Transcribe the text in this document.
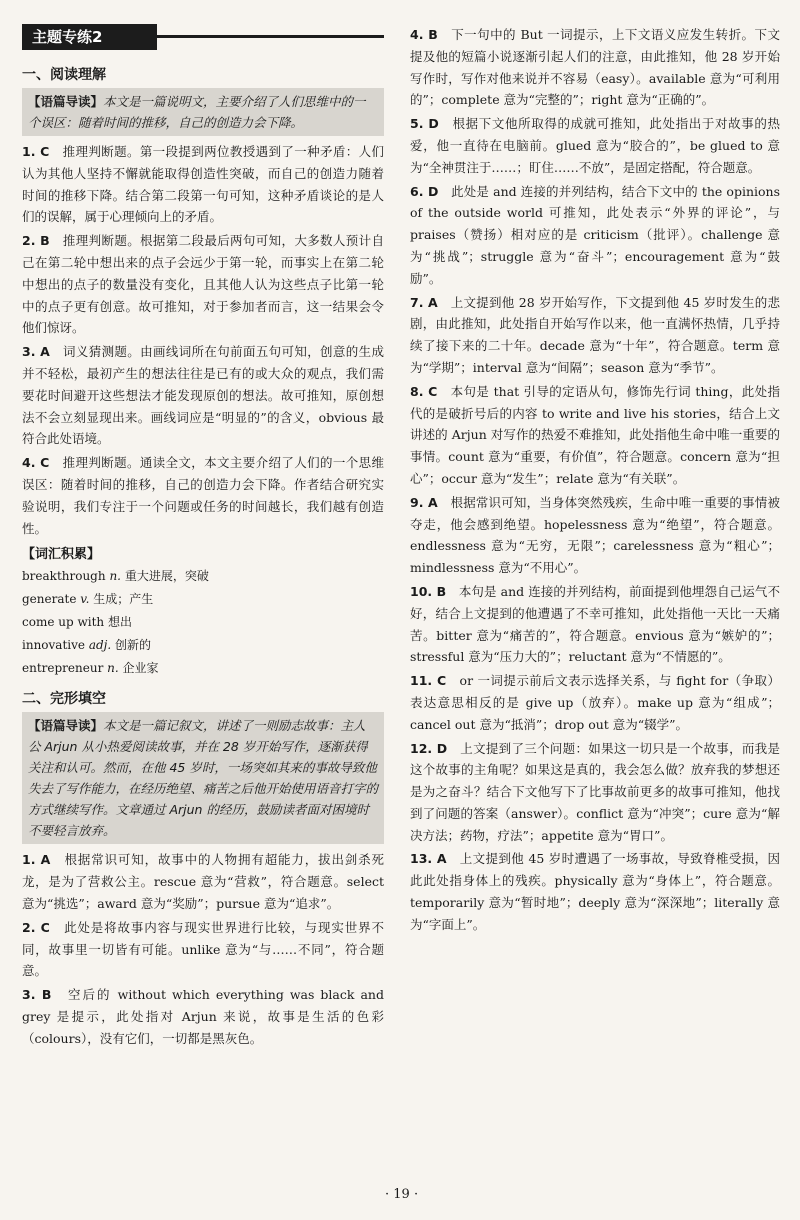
主题专练2
一、阅读理解
【语篇导读】本文是一篇说明文，主要介绍了人们思维中的一个误区：随着时间的推移，自己的创造力会下降。

1. C　 推理判断题。第一段提到两位教授遇到了一种矛盾：人们认为其他人坚持不懈就能取得创造性突破，而自己的创造力随着时间的推移下降。结合第二段第一句可知，这种矛盾谈论的是人们的误解，属于心理倾向上的矛盾。

2. B　 推理判断题。根据第二段最后两句可知，大多数人预计自己在第二轮中想出来的点子会远少于第一轮，而事实上在第二轮中想出的点子的数量没有变化，且其他人认为这些点子比第一轮中的点子更有创意。故可推知，对于参加者而言，这一结果会令他们惊讶。

3. A　 词义猜测题。由画线词所在句前面五句可知，创意的生成并不轻松，最初产生的想法往往是已有的或大众的观点，我们需要花时间避开这些想法才能发现原创的想法。故可推知，原创想法不会立刻显现出来。画线词应是“明显的”的含义，obvious 最符合此处语境。

4. C　 推理判断题。通读全文，本文主要介绍了人们的一个思维误区：随着时间的推移，自己的创造力会下降。作者结合研究实验说明，我们专注于一个问题或任务的时间越长，我们越有创造性。

【词汇积累】
breakthrough n. 重大进展，突破
generate v. 生成；产生
come up with 想出
innovative adj. 创新的
entrepreneur n. 企业家
二、完形填空
【语篇导读】本文是一篇记叙文，讲述了一则励志故事：主人公 Arjun 从小热爱阅读故事，并在 28 岁开始写作，逐渐获得关注和认可。然而，在他 45 岁时，一场突如其来的事故导致他失去了写作能力，在经历绝望、痛苦之后他开始使用语音打字的方式继续写作。文章通过 Arjun 的经历，鼓励读者面对困境时不要轻言放弃。

1. A　 根据常识可知，故事中的人物拥有超能力，拔出剑杀死龙，是为了营救公主。rescue 意为“营救”，符合题意。select 意为“挑选”；award 意为“奖励”；pursue 意为“追求”。

2. C　 此处是将故事内容与现实世界进行比较，与现实世界不同，故事里一切皆有可能。unlike 意为“与……不同”，符合题意。

3. B　 空后的 without which everything was black and grey 是提示，此处指对 Arjun 来说，故事是生活的色彩（colours），没有它们，一切都是黑灰色。

4. B　 下一句中的 But 一词提示，上下文语义应发生转折。下文提及他的短篇小说逐渐引起人们的注意，由此推知，他 28 岁开始写作时，写作对他来说并不容易（easy）。available 意为“可利用的”；complete 意为“完整的”；right 意为“正确的”。

5. D　 根据下文他所取得的成就可推知，此处指出于对故事的热爱，他一直待在电脑前。glued 意为“胶合的”，be glued to 意为“全神贯注于……；盯住……不放”，是固定搭配，符合题意。

6. D　 此处是 and 连接的并列结构，结合下文中的 the opinions of the outside world 可推知，此处表示“外界的评论”，与 praises（赞扬）相对应的是 criticism（批评）。challenge 意为“挑战”；struggle 意为“奋斗”；encouragement 意为“鼓励”。

7. A　 上文提到他 28 岁开始写作，下文提到他 45 岁时发生的悲剧，由此推知，此处指自开始写作以来，他一直满怀热情，几乎持续了接下来的二十年。decade 意为“十年”，符合题意。term 意为“学期”；interval 意为“间隔”；season 意为“季节”。

8. C　 本句是 that 引导的定语从句，修饰先行词 thing，此处指代的是破折号后的内容 to write and live his stories，结合上文讲述的 Arjun 对写作的热爱不难推知，此处指他生命中唯一重要的事情。count 意为“重要，有价值”，符合题意。concern 意为“担心”；occur 意为“发生”；relate 意为“有关联”。

9. A　 根据常识可知，当身体突然残疾，生命中唯一重要的事情被夺走，他会感到绝望。hopelessness 意为“绝望”，符合题意。endlessness 意为“无穷，无限”；carelessness 意为“粗心”；mindlessness 意为“不用心”。

10. B　 本句是 and 连接的并列结构，前面提到他埋怨自己运气不好，结合上文提到的他遭遇了不幸可推知，此处指他一天比一天痛苦。bitter 意为“痛苦的”，符合题意。envious 意为“嫉妒的”；stressful 意为“压力大的”；reluctant 意为“不情愿的”。

11. C　 or 一词提示前后文表示选择关系，与 fight for（争取）表达意思相反的是 give up（放弃）。make up 意为“组成”；cancel out 意为“抵消”；drop out 意为“辍学”。

12. D　 上文提到了三个问题：如果这一切只是一个故事，而我是这个故事的主角呢？如果这是真的，我会怎么做？放弃我的梦想还是为之奋斗？结合下文他写下了比事故前更多的故事可推知，他找到了问题的答案（answer）。conflict 意为“冲突”；cure 意为“解决方法；药物，疗法”；appetite 意为“胃口”。

13. A　 上文提到他 45 岁时遭遇了一场事故，导致脊椎受损，因此此处指身体上的残疾。physically 意为“身体上”，符合题意。temporarily 意为“暂时地”；deeply 意为“深深地”；literally 意为“字面上”。

· 19 ·
